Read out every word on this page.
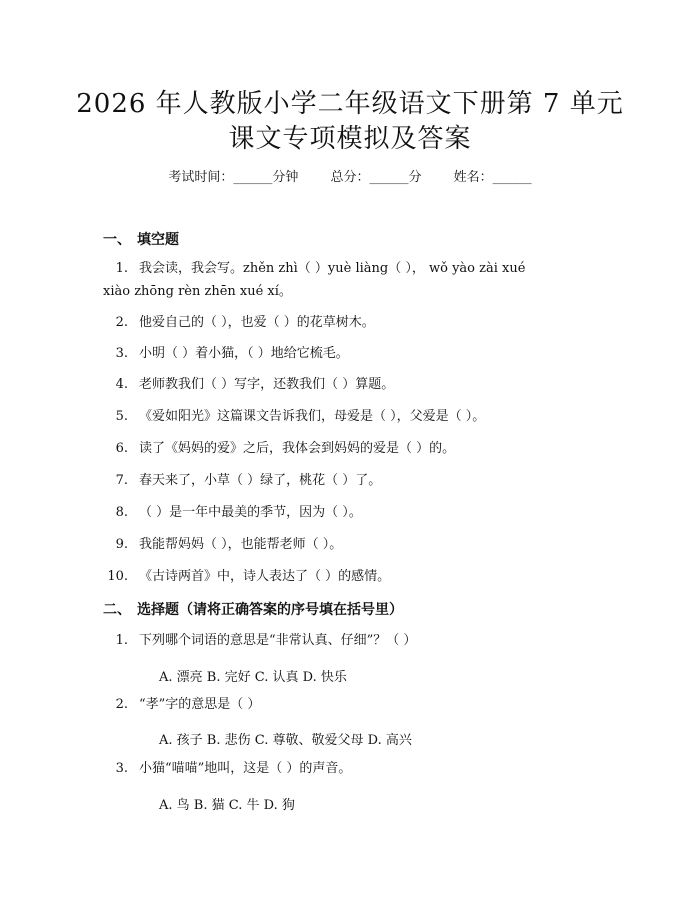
2026 年人教版小学二年级语文下册第 7 单元
课文专项模拟及答案
考试时间：______分钟 总分：______分 姓名：______
一、 填空题
1. 我会读，我会写。zhěn zhì（ ）yuè liàng（ ）， wǒ yào zài xué
xiào zhōng rèn zhēn xué xí。
2. 他爱自己的（ ），也爱（ ）的花草树木。
3. 小明（ ）着小猫，（ ）地给它梳毛。
4. 老师教我们（ ）写字，还教我们（ ）算题。
5. 《爱如阳光》这篇课文告诉我们，母爱是（ ），父爱是（ ）。
6. 读了《妈妈的爱》之后，我体会到妈妈的爱是（ ）的。
7. 春天来了，小草（ ）绿了，桃花（ ）了。
8. （ ）是一年中最美的季节，因为（ ）。
9. 我能帮妈妈（ ），也能帮老师（ ）。
10. 《古诗两首》中，诗人表达了（ ）的感情。
二、 选择题（请将正确答案的序号填在括号里）
1. 下列哪个词语的意思是“非常认真、仔细”？（ ）
A. 漂亮 B. 完好 C. 认真 D. 快乐
2. “孝”字的意思是（ ）
A. 孩子 B. 悲伤 C. 尊敬、敬爱父母 D. 高兴
3. 小猫“喵喵”地叫，这是（ ）的声音。
A. 鸟 B. 猫 C. 牛 D. 狗
